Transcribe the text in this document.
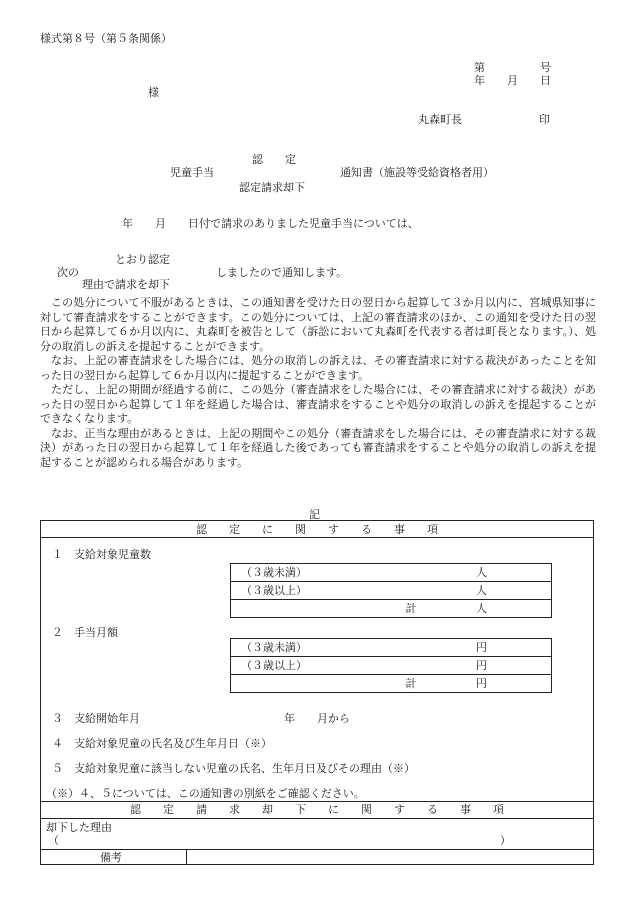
様式第８号（第５条関係）
第　　　　　号
年　　月　　日
様
丸森町長	印
認　　定
児童手当	通知書（施設等受給資格者用）
認定請求却下
年　　月　　日付で請求のありました児童手当については、
とおり認定
次の	しましたので通知します。
理由で請求を却下

この処分について不服があるときは、この通知書を受けた日の翌日から起算して３か月以内に、宮城県知事に対して審査請求をすることができます。この処分については、上記の審査請求のほか、この通知を受けた日の翌日から起算して６か月以内に、丸森町を被告として（訴訟において丸森町を代表する者は町長となります。）、処分の取消しの訴えを提起することができます。

なお、上記の審査請求をした場合には、処分の取消しの訴えは、その審査請求に対する裁決があったことを知った日の翌日から起算して６か月以内に提起することができます。

ただし、上記の期間が経過する前に、この処分（審査請求をした場合には、その審査請求に対する裁決）があった日の翌日から起算して１年を経過した場合は、審査請求をすることや処分の取消しの訴えを提起することができなくなります。

なお、正当な理由があるときは、上記の期間やこの処分（審査請求をした場合には、その審査請求に対する裁決）があった日の翌日から起算して１年を経過した後であっても審査請求をすることや処分の取消しの訴えを提起することが認められる場合があります。

記
認　　定　　に　　関　　す　　る　　事　　項
１　支給対象児童数
（３歳未満）	人
（３歳以上）	人
計	人
２　手当月額
（３歳未満）	円
（３歳以上）	円
計	円
３　支給開始年月	年　　月から
４　支給対象児童の氏名及び生年月日（※）
５　支給対象児童に該当しない児童の氏名、生年月日及びその理由（※）
（※）４、５については、この通知書の別紙をご確認ください。
認　　定　　請　　求　　却　　下　　に　　関　　す　　る　　事　　項
却下した理由
（	）
備考
